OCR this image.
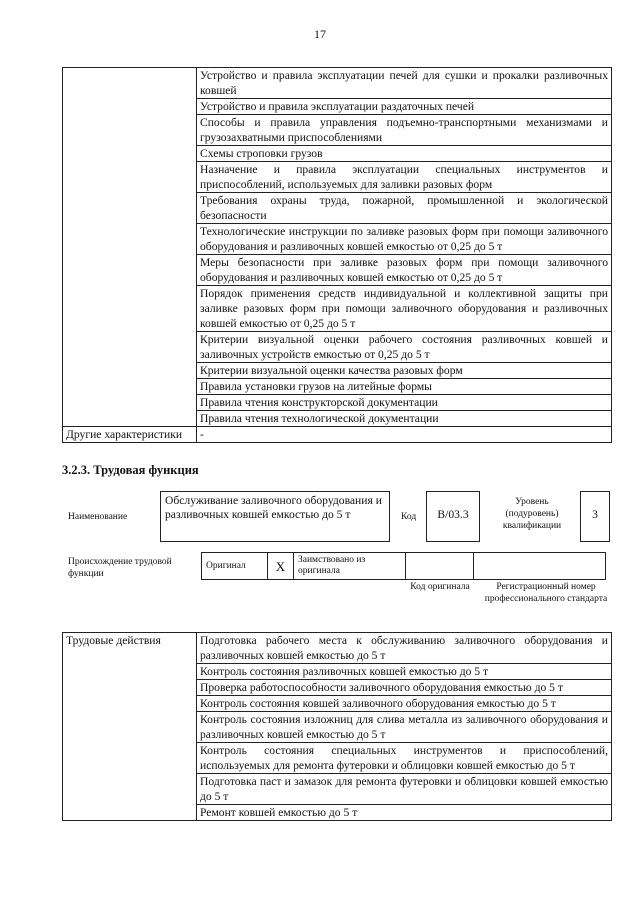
17
	Устройство и правила эксплуатации печей для сушки и прокалки разливочных ковшей
	Устройство и правила эксплуатации раздаточных печей
	Способы и правила управления подъемно-транспортными механизмами и грузозахватными приспособлениями
	Схемы строповки грузов
	Назначение и правила эксплуатации специальных инструментов и приспособлений, используемых для заливки разовых форм
	Требования охраны труда, пожарной, промышленной и экологической безопасности
	Технологические инструкции по заливке разовых форм при помощи заливочного оборудования и разливочных ковшей емкостью от 0,25 до 5 т
	Меры безопасности при заливке разовых форм при помощи заливочного оборудования и разливочных ковшей емкостью от 0,25 до 5 т
	Порядок применения средств индивидуальной и коллективной защиты при заливке разовых форм при помощи заливочного оборудования и разливочных ковшей емкостью от 0,25 до 5 т
	Критерии визуальной оценки рабочего состояния разливочных ковшей и заливочных устройств емкостью от 0,25 до 5 т
	Критерии визуальной оценки качества разовых форм
	Правила установки грузов на литейные формы
	Правила чтения конструкторской документации
	Правила чтения технологической документации
Другие характеристики	-
3.2.3. Трудовая функция
Наименование
Обслуживание заливочного оборудования и разливочных ковшей емкостью до 5 т	Код	B/03.3
Уровень (подуровень) квалификации
3
Происхождение трудовой функции
Оригинал	X	Заимствовано из оригинала		
Код оригинала	Регистрационный номер профессионального стандарта
Трудовые действия	Подготовка рабочего места к обслуживанию заливочного оборудования и разливочных ковшей емкостью до 5 т
Контроль состояния разливочных ковшей емкостью до 5 т
Проверка работоспособности заливочного оборудования емкостью до 5 т
Контроль состояния ковшей заливочного оборудования емкостью до 5 т
Контроль состояния изложниц для слива металла из заливочного оборудования и разливочных ковшей емкостью до 5 т
Контроль состояния специальных инструментов и приспособлений, используемых для ремонта футеровки и облицовки ковшей емкостью до 5 т
Подготовка паст и замазок для ремонта футеровки и облицовки ковшей емкостью до 5 т
Ремонт ковшей емкостью до 5 т
